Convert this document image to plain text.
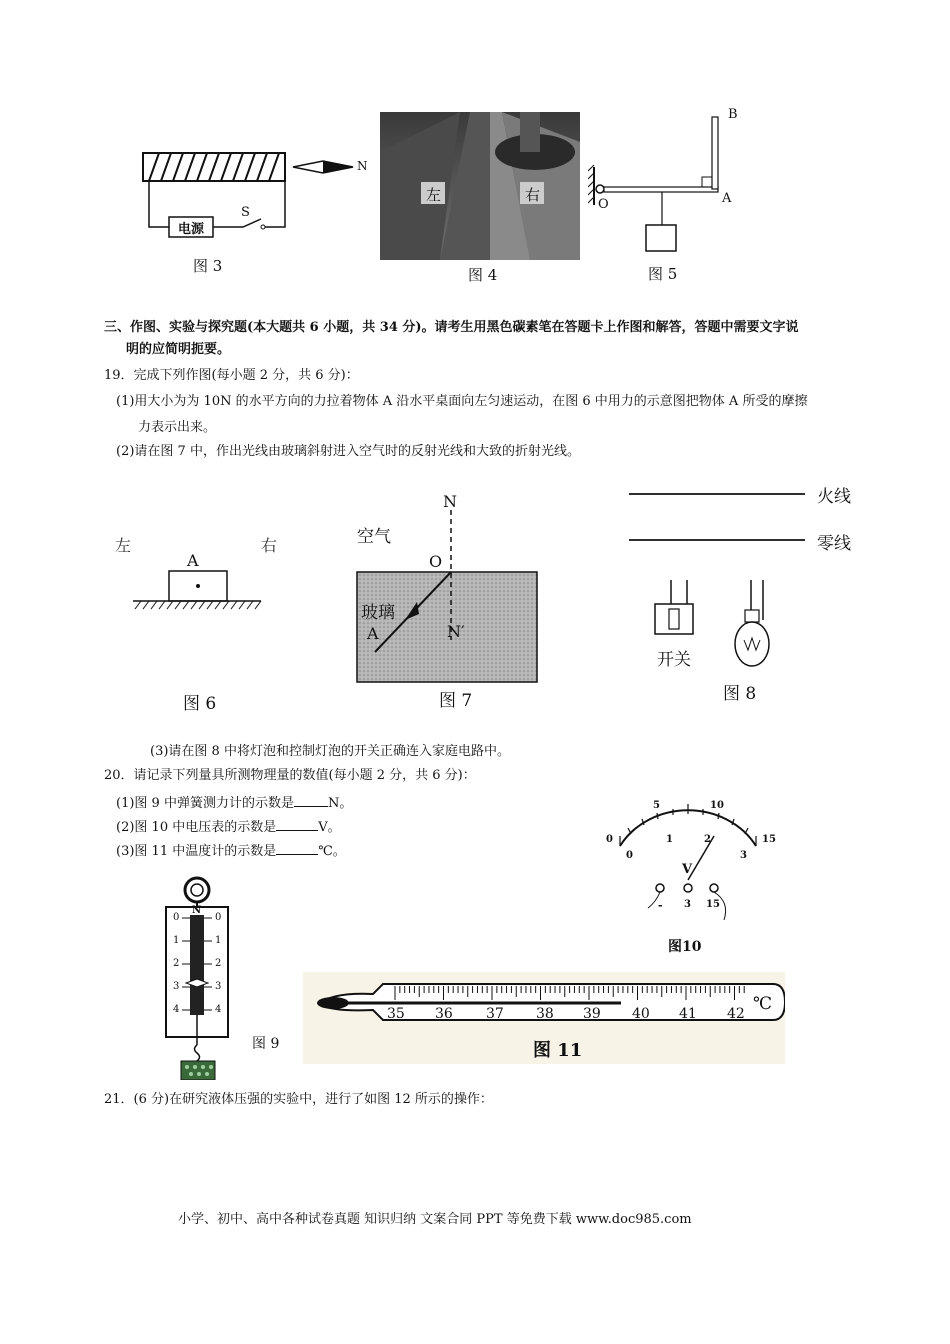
电源
S
N
图 3
左	右
图 4
B
A
O
图 5
三、作图、实验与探究题(本大题共 6 小题，共 34 分)。请考生用黑色碳素笔在答题卡上作图和解答，答题中需要文字说
明的应简明扼要。
19．完成下列作图(每小题 2 分，共 6 分)：
(1)用大小为为 10N 的水平方向的力拉着物体 A 沿水平桌面向左匀速运动，在图 6 中用力的示意图把物体 A 所受的摩擦
力表示出来。
(2)请在图 7 中，作出光线由玻璃斜射进入空气时的反射光线和大致的折射光线。
左	右
A
图 6
N
空气
O
玻璃
A	N′
图 7
火线
零线
开关
图 8
(3)请在图 8 中将灯泡和控制灯泡的开关正确连入家庭电路中。
20．请记录下列量具所测物理量的数值(每小题 2 分，共 6 分)：
(1)图 9 中弹簧测力计的示数是	N。
(2)图 10 中电压表的示数是	V。
(3)图 11 中温度计的示数是	℃。
0
5	10
15
0
1	2
3
V
- 3 15
图10
N
0
1
2
3
4
0
1
2
3
4
图 9
35 36 37 38 39 40 41 42 ℃
图 11
21．(6 分)在研究液体压强的实验中，进行了如图 12 所示的操作：
小学、初中、高中各种试卷真题 知识归纳 文案合同 PPT 等免费下载 www.doc985.com
